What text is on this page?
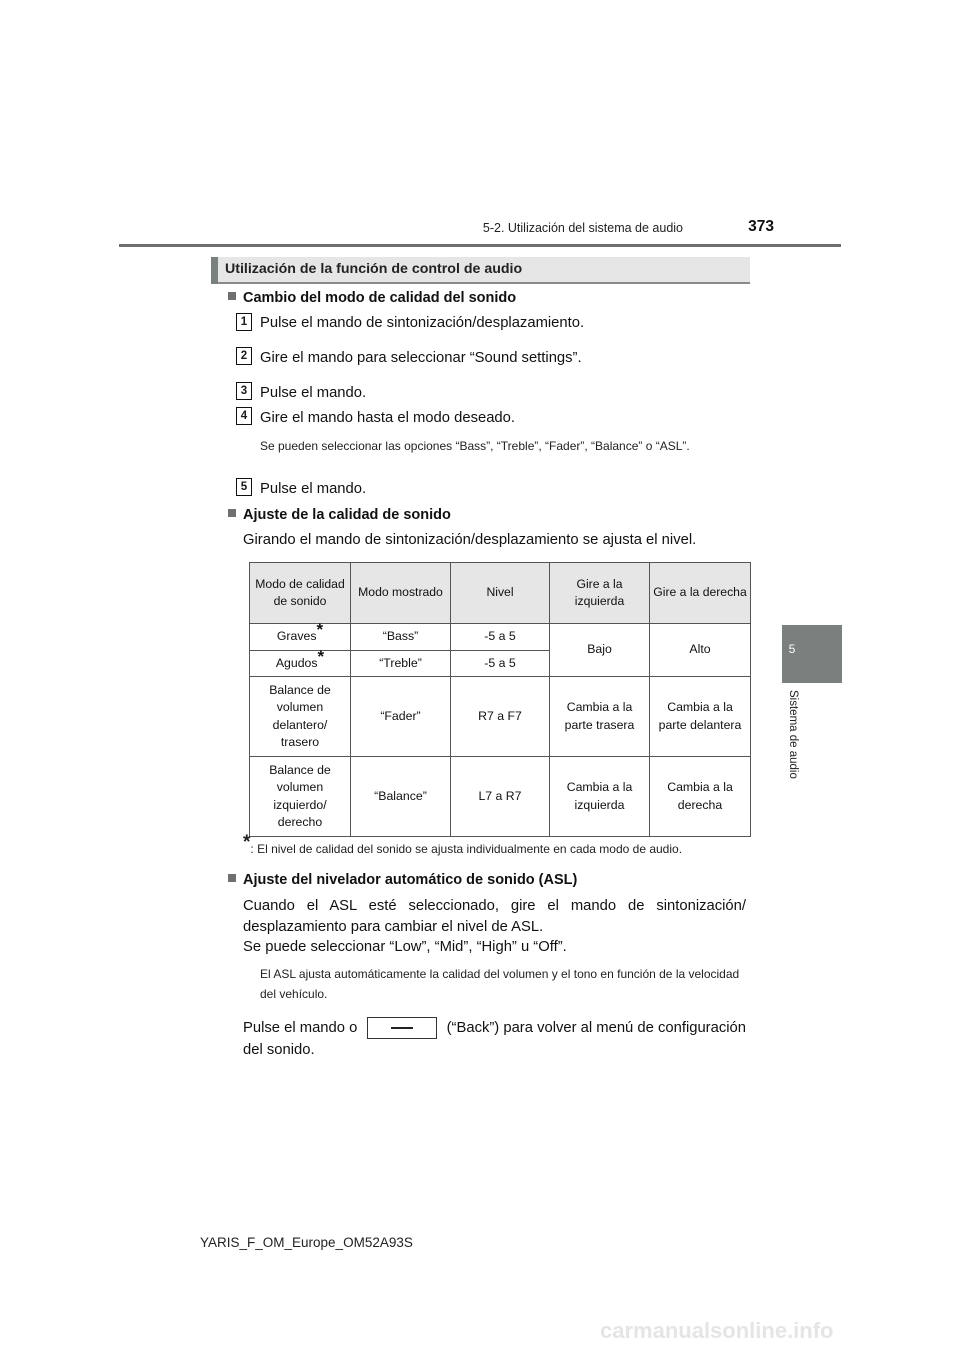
5-2. Utilización del sistema de audio	373
5
Sistema de audio
Utilización de la función de control de audio
Cambio del modo de calidad del sonido
1 Pulse el mando de sintonización/desplazamiento.
2 Gire el mando para seleccionar “Sound settings”.
3 Pulse el mando.
4 Gire el mando hasta el modo deseado.
Se pueden seleccionar las opciones “Bass”, “Treble”, “Fader”, “Balance” o “ASL”.
5 Pulse el mando.
Ajuste de la calidad de sonido
Girando el mando de sintonización/desplazamiento se ajusta el nivel.
Modo de calidad de sonido	Modo mostrado	Nivel	Gire a la izquierda	Gire a la derecha
Graves*	“Bass”	-5 a 5	Bajo	Alto
Agudos*	“Treble”	-5 a 5		
Balance de volumen delantero/ trasero	“Fader”	R7 a F7	Cambia a la parte trasera	Cambia a la parte delantera
Balance de volumen izquierdo/ derecho	“Balance”	L7 a R7	Cambia a la izquierda	Cambia a la derecha
*: El nivel de calidad del sonido se ajusta individualmente en cada modo de audio.
Ajuste del nivelador automático de sonido (ASL)
Cuando el ASL esté seleccionado, gire el mando de sintonización/ desplazamiento para cambiar el nivel de ASL.
Se puede seleccionar “Low”, “Mid”, “High” u “Off”.
El ASL ajusta automáticamente la calidad del volumen y el tono en función de la velocidad del vehículo.
Pulse el mando o	(“Back”) para volver al menú de configuración
del sonido.
YARIS_F_OM_Europe_OM52A93S
carmanualsonline.info
